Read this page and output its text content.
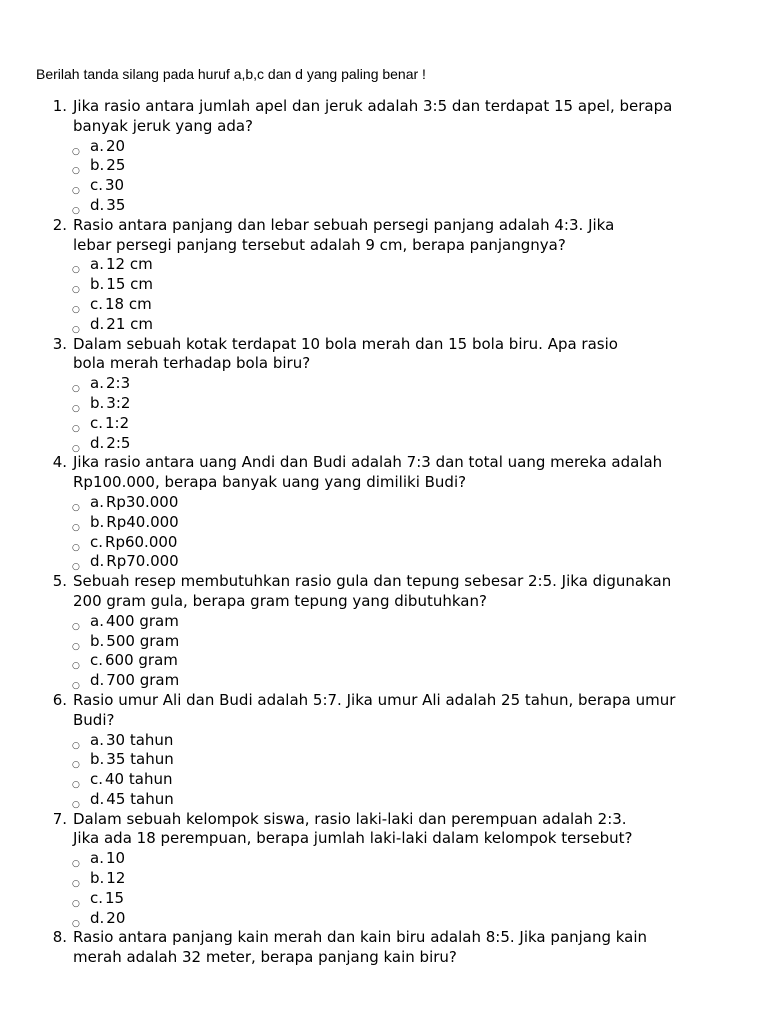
Berilah tanda silang pada huruf a,b,c dan d yang paling benar !
1. Jika rasio antara jumlah apel dan jeruk adalah 3:5 dan terdapat 15 apel, berapa
banyak jeruk yang ada?
○ a. 20
○ b. 25
○ c. 30
○ d. 35
2. Rasio antara panjang dan lebar sebuah persegi panjang adalah 4:3. Jika
lebar persegi panjang tersebut adalah 9 cm, berapa panjangnya?
○ a. 12 cm
○ b. 15 cm
○ c. 18 cm
○ d. 21 cm
3. Dalam sebuah kotak terdapat 10 bola merah dan 15 bola biru. Apa rasio
bola merah terhadap bola biru?
○ a. 2:3
○ b. 3:2
○ c. 1:2
○ d. 2:5
4. Jika rasio antara uang Andi dan Budi adalah 7:3 dan total uang mereka adalah
Rp100.000, berapa banyak uang yang dimiliki Budi?
○ a. Rp30.000
○ b. Rp40.000
○ c. Rp60.000
○ d. Rp70.000
5. Sebuah resep membutuhkan rasio gula dan tepung sebesar 2:5. Jika digunakan
200 gram gula, berapa gram tepung yang dibutuhkan?
○ a. 400 gram
○ b. 500 gram
○ c. 600 gram
○ d. 700 gram
6. Rasio umur Ali dan Budi adalah 5:7. Jika umur Ali adalah 25 tahun, berapa umur
Budi?
○ a. 30 tahun
○ b. 35 tahun
○ c. 40 tahun
○ d. 45 tahun
7. Dalam sebuah kelompok siswa, rasio laki-laki dan perempuan adalah 2:3.
Jika ada 18 perempuan, berapa jumlah laki-laki dalam kelompok tersebut?
○ a. 10
○ b. 12
○ c. 15
○ d. 20
8. Rasio antara panjang kain merah dan kain biru adalah 8:5. Jika panjang kain
merah adalah 32 meter, berapa panjang kain biru?
